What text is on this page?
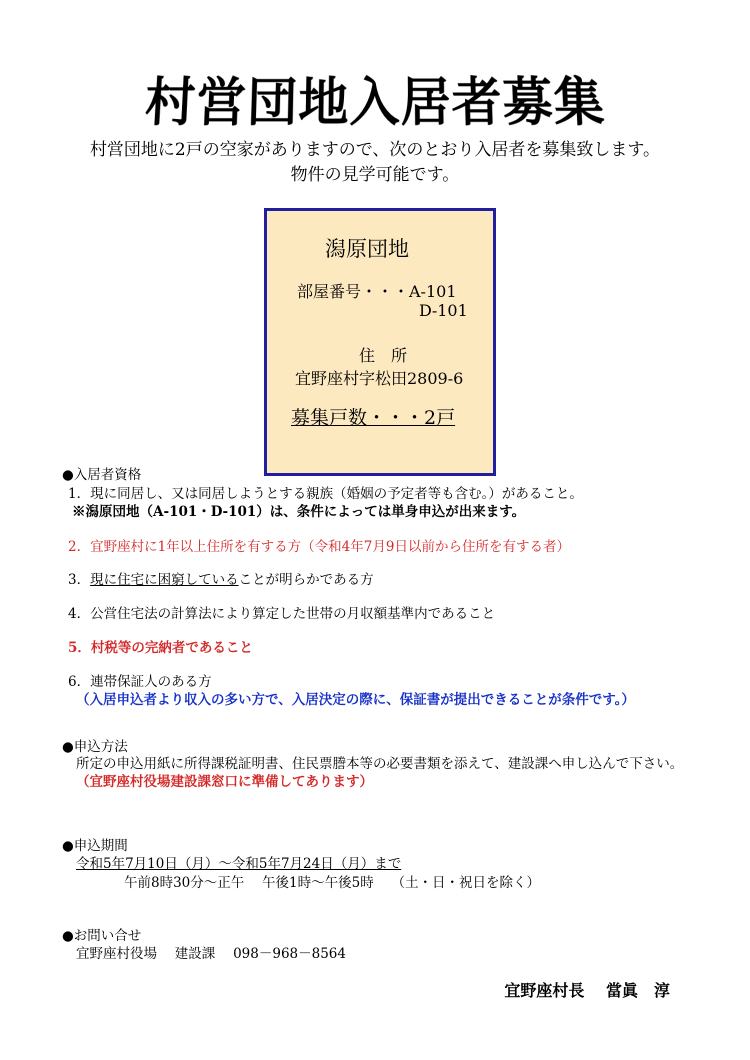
村営団地入居者募集
村営団地に2戸の空家がありますので、次のとおり入居者を募集致します。
物件の見学可能です。
潟原団地
部屋番号・・・A‐101
D‐101
住所
宜野座村字松田2809‐6
募集戸数・・・2戸
●入居者資格
1．現に同居し、又は同居しようとする親族（婚姻の予定者等も含む。）があること。
※潟原団地（A‐101・D‐101）は、条件によっては単身申込が出来ます。
2．宜野座村に1年以上住所を有する方（令和4年7月9日以前から住所を有する者）
3．現に住宅に困窮していることが明らかである方
4．公営住宅法の計算法により算定した世帯の月収額基準内であること
5．村税等の完納者であること
6．連帯保証人のある方
（入居申込者より収入の多い方で、入居決定の際に、保証書が提出できることが条件です。）
●申込方法
所定の申込用紙に所得課税証明書、住民票謄本等の必要書類を添えて、建設課へ申し込んで下さい。
（宜野座村役場建設課窓口に準備してあります）
●申込期間
令和5年7月10日（月）～令和5年7月24日（月）まで
午前8時30分～正午　 午後1時～午後5時　 （土・日・祝日を除く）
●お問い合せ
宜野座村役場　 建設課　 098－968－8564
宜野座村長　 當眞　淳
